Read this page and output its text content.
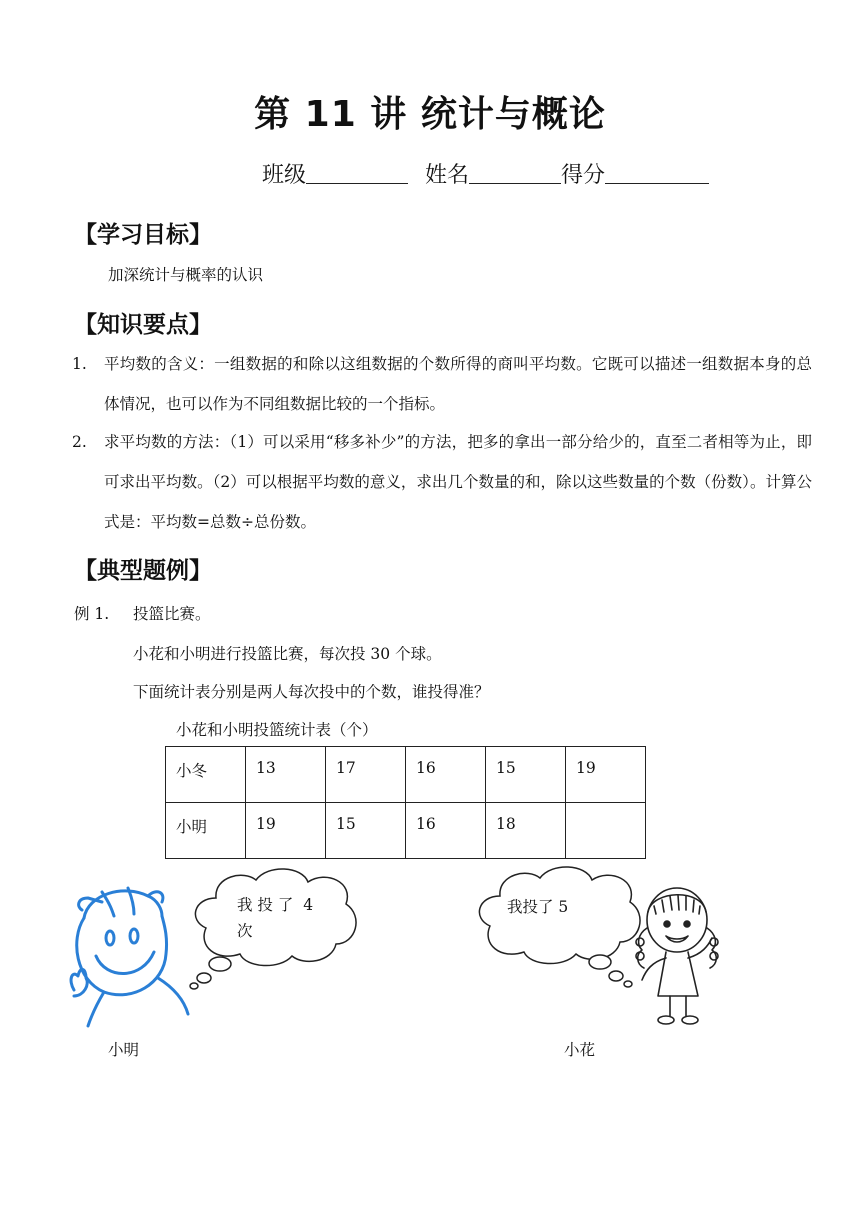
第 11 讲 统计与概论
班级	姓名	得分
【学习目标】
加深统计与概率的认识
【知识要点】
1. 平均数的含义：一组数据的和除以这组数据的个数所得的商叫平均数。它既可以描述一组数据本身的总体情况，也可以作为不同组数据比较的一个指标。
2. 求平均数的方法：（1）可以采用“移多补少”的方法，把多的拿出一部分给少的，直至二者相等为止，即可求出平均数。（2）可以根据平均数的意义，求出几个数量的和，除以这些数量的个数（份数）。计算公式是：平均数=总数÷总份数。
【典型题例】
例 1. 投篮比赛。
小花和小明进行投篮比赛，每次投 30 个球。
下面统计表分别是两人每次投中的个数，谁投得准？
小花和小明投篮统计表（个）
小冬	13	17	16	15	19
小明	19	15	16	18	
我 投 了  4
次
我投了 5
小明	小花
